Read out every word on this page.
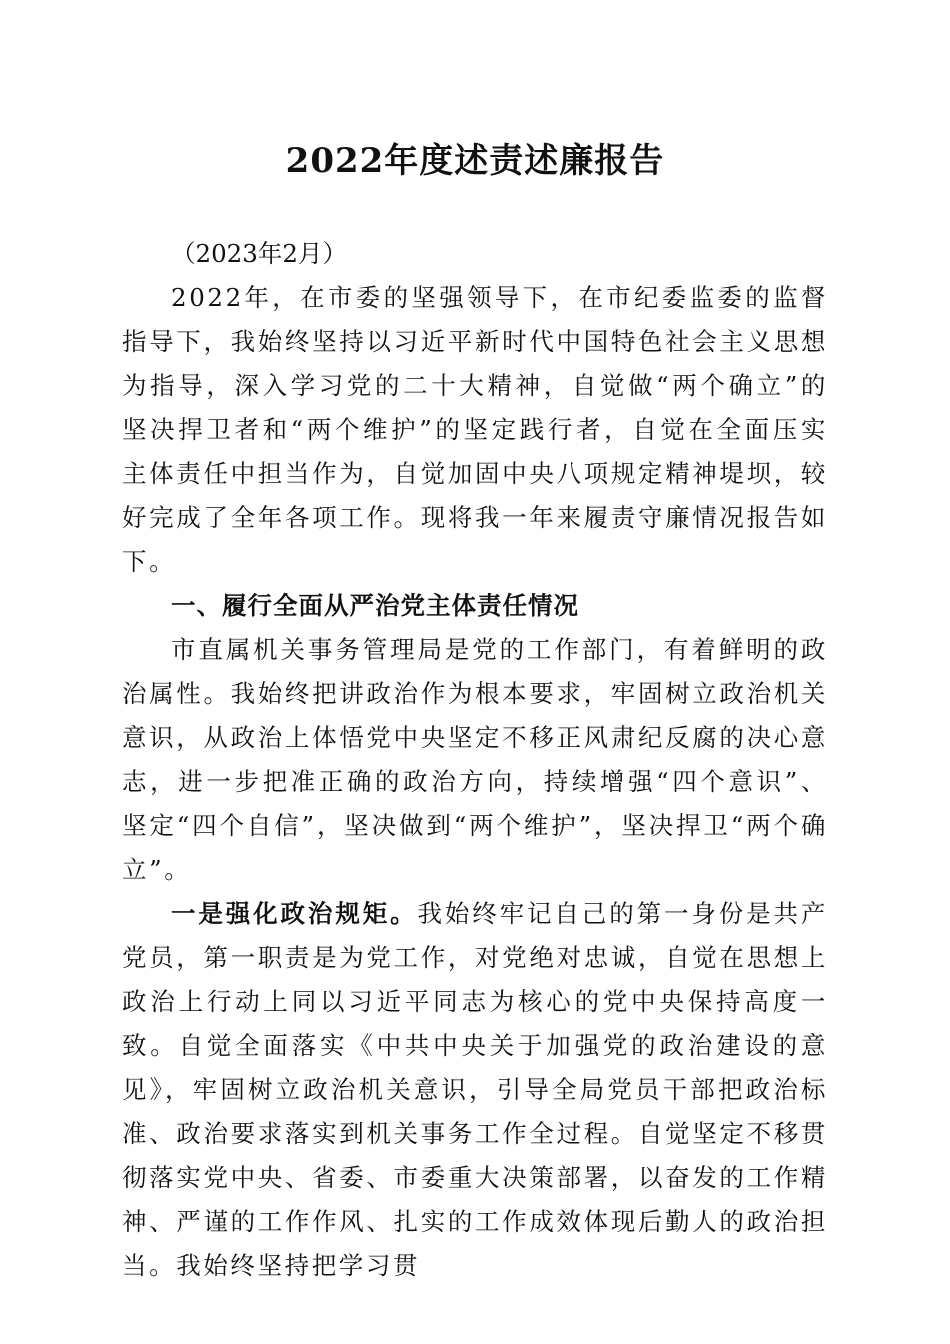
2022年度述责述廉报告

（2023年2月）

2022年，在市委的坚强领导下，在市纪委监委的监督指导下，我始终坚持以习近平新时代中国特色社会主义思想为指导，深入学习党的二十大精神，自觉做“两个确立”的坚决捍卫者和“两个维护”的坚定践行者，自觉在全面压实主体责任中担当作为，自觉加固中央八项规定精神堤坝，较好完成了全年各项工作。现将我一年来履责守廉情况报告如下。

一、履行全面从严治党主体责任情况

市直属机关事务管理局是党的工作部门，有着鲜明的政治属性。我始终把讲政治作为根本要求，牢固树立政治机关意识，从政治上体悟党中央坚定不移正风肃纪反腐的决心意志，进一步把准正确的政治方向，持续增强“四个意识”、坚定“四个自信”，坚决做到“两个维护”，坚决捍卫“两个确立”。

一是强化政治规矩。我始终牢记自己的第一身份是共产党员，第一职责是为党工作，对党绝对忠诚，自觉在思想上政治上行动上同以习近平同志为核心的党中央保持高度一致。自觉全面落实《中共中央关于加强党的政治建设的意见》，牢固树立政治机关意识，引导全局党员干部把政治标准、政治要求落实到机关事务工作全过程。自觉坚定不移贯彻落实党中央、省委、市委重大决策部署，以奋发的工作精神、严谨的工作作风、扎实的工作成效体现后勤人的政治担当。我始终坚持把学习贯
